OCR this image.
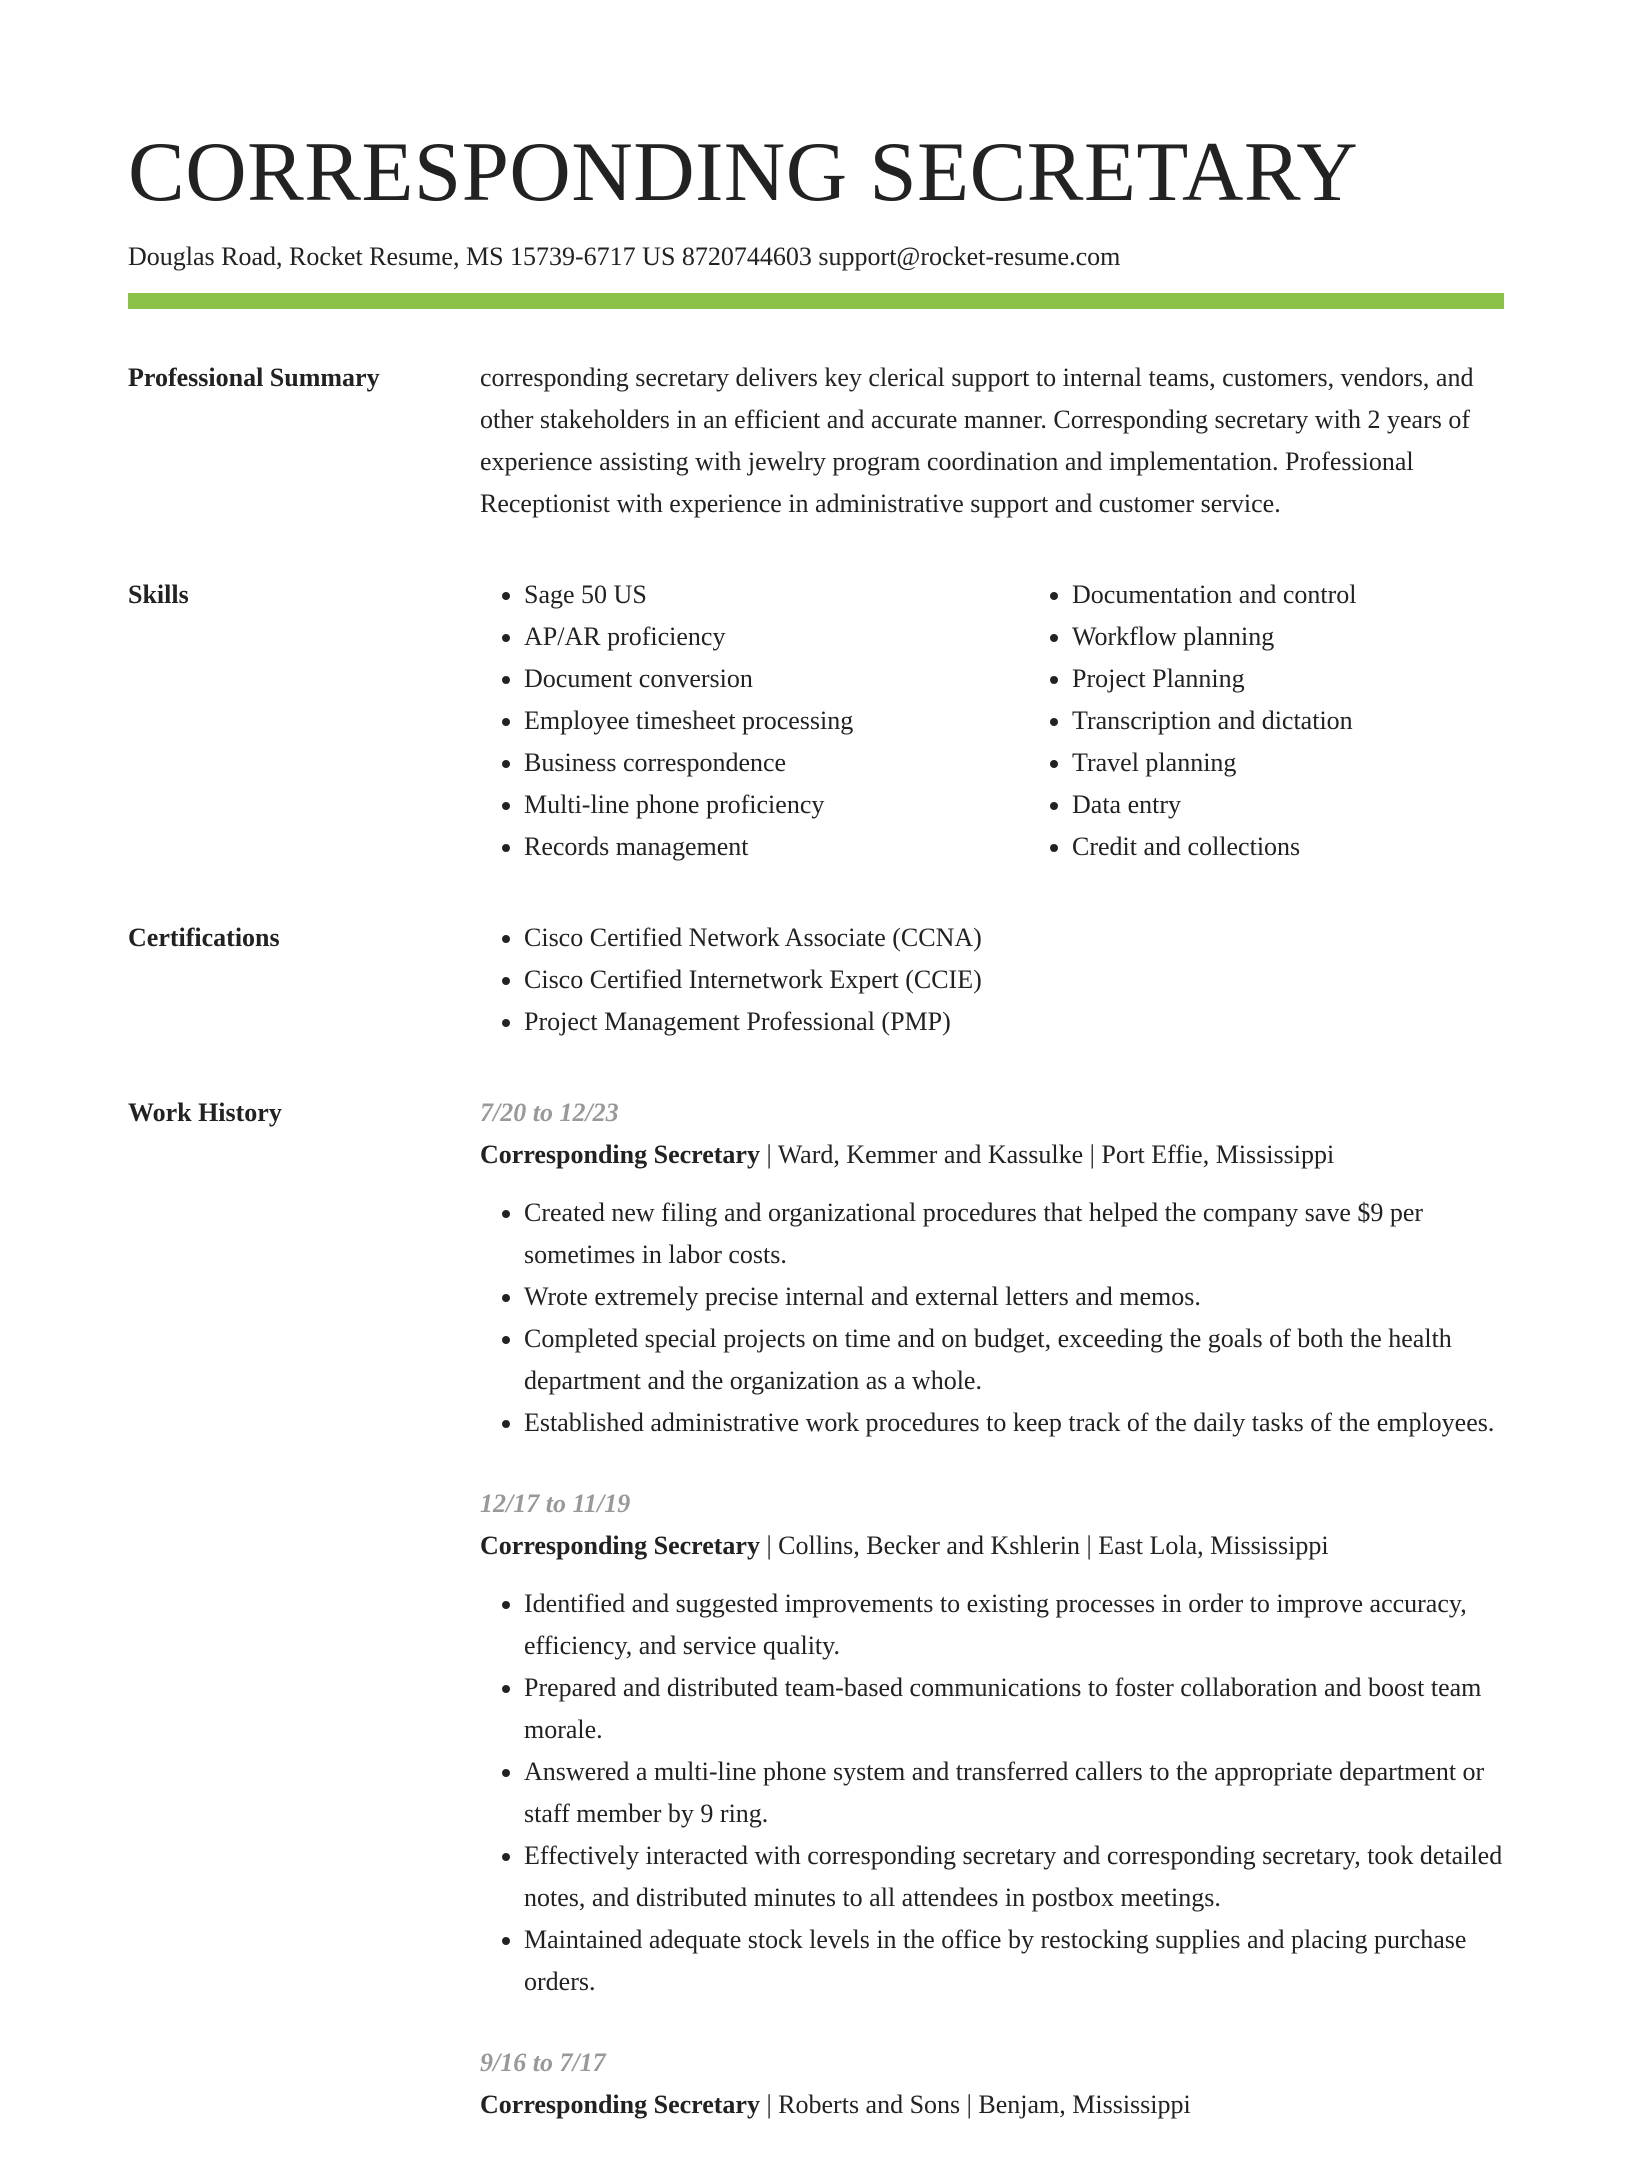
CORRESPONDING SECRETARY
Douglas Road, Rocket Resume, MS 15739-6717 US 8720744603 support@rocket-resume.com
Professional Summary	corresponding secretary delivers key clerical support to internal teams, customers, vendors, and other stakeholders in an efficient and accurate manner. Corresponding secretary with 2 years of experience assisting with jewelry program coordination and implementation. Professional Receptionist with experience in administrative support and customer service.

Skills	• Sage 50 US
• AP/AR proficiency
• Document conversion
• Employee timesheet processing
• Business correspondence
• Multi-line phone proficiency
• Records management
• Documentation and control
• Workflow planning
• Project Planning
• Transcription and dictation
• Travel planning
• Data entry
• Credit and collections
Certifications	• Cisco Certified Network Associate (CCNA)
• Cisco Certified Internetwork Expert (CCIE)
• Project Management Professional (PMP)
Work History	7/20 to 12/23
Corresponding Secretary | Ward, Kemmer and Kassulke | Port Effie, Mississippi
• Created new filing and organizational procedures that helped the company save $9 per sometimes in labor costs.
• Wrote extremely precise internal and external letters and memos.
• Completed special projects on time and on budget, exceeding the goals of both the health department and the organization as a whole.
• Established administrative work procedures to keep track of the daily tasks of the employees.
12/17 to 11/19
Corresponding Secretary | Collins, Becker and Kshlerin | East Lola, Mississippi
• Identified and suggested improvements to existing processes in order to improve accuracy, efficiency, and service quality.
• Prepared and distributed team-based communications to foster collaboration and boost team morale.
• Answered a multi-line phone system and transferred callers to the appropriate department or staff member by 9 ring.
• Effectively interacted with corresponding secretary and corresponding secretary, took detailed notes, and distributed minutes to all attendees in postbox meetings.
• Maintained adequate stock levels in the office by restocking supplies and placing purchase orders.
9/16 to 7/17
Corresponding Secretary | Roberts and Sons | Benjam, Mississippi
